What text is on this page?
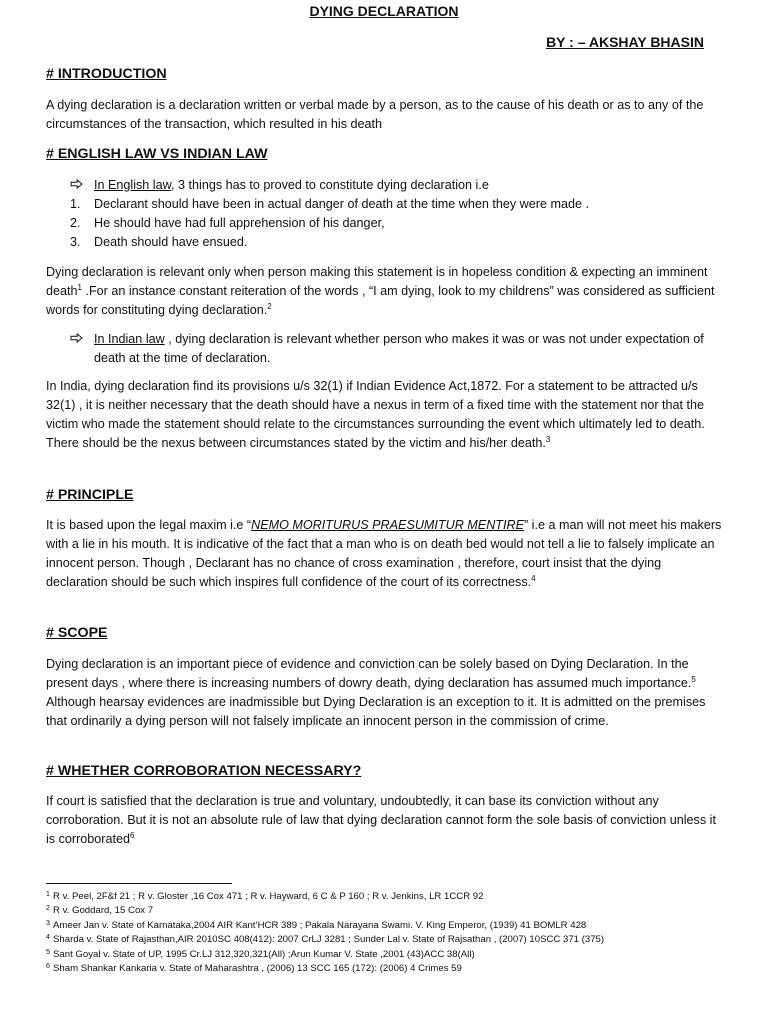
DYING DECLARATION
BY : – AKSHAY BHASIN
# INTRODUCTION
A dying declaration is a declaration written or verbal made by a person, as to the cause of his death or as to any of the circumstances of the transaction, which resulted in his death
# ENGLISH LAW VS INDIAN LAW
In English law, 3 things has to proved to constitute dying declaration i.e
1.	Declarant should have been in actual danger of death at the time when they were made .
2.	He should have had full apprehension of his danger,
3.	Death should have ensued.
Dying declaration is relevant only when person making this statement is in hopeless condition & expecting an imminent death$^1$ .For an instance constant reiteration of the words , “I am dying, look to my childrens” was considered as sufficient words for constituting dying declaration.$^2$
In Indian law , dying declaration is relevant whether person who makes it was or was not under expectation of death at the time of declaration.
In India, dying declaration find its provisions u/s 32(1) if Indian Evidence Act,1872. For a statement to be attracted u/s 32(1) , it is neither necessary that the death should have a nexus in term of a fixed time with the statement nor that the victim who made the statement should relate to the circumstances surrounding the event which ultimately led to death. There should be the nexus between circumstances stated by the victim and his/her death.$^3$
# PRINCIPLE
It is based upon the legal maxim i.e “NEMO MORITURUS PRAESUMITUR MENTIRE” i.e a man will not meet his makers with a lie in his mouth. It is indicative of the fact that a man who is on death bed would not tell a lie to falsely implicate an innocent person. Though , Declarant has no chance of cross examination , therefore, court insist that the dying declaration should be such which inspires full confidence of the court of its correctness.$^4$
# SCOPE
Dying declaration is an important piece of evidence and conviction can be solely based on Dying Declaration. In the present days , where there is increasing numbers of dowry death, dying declaration has assumed much importance.$^5$ Although hearsay evidences are inadmissible but Dying Declaration is an exception to it. It is admitted on the premises that ordinarily a dying person will not falsely implicate an innocent person in the commission of crime.
# WHETHER CORROBORATION NECESSARY?
If court is satisfied that the declaration is true and voluntary, undoubtedly, it can base its conviction without any corroboration. But it is not an absolute rule of law that dying declaration cannot form the sole basis of conviction unless it is corroborated$^6$
1 R v. Peel, 2F&f 21 ; R v. Gloster ,16 Cox 471 ; R v. Hayward, 6 C & P 160 ; R v. Jenkins, LR 1CCR 92
2 R v. Goddard, 15 Cox 7
3 Ameer Jan v. State of Karnataka,2004 AIR Kant’HCR 389 ; Pakala Narayana Swami. V. King Emperor, (1939) 41 BOMLR 428
4 Sharda v. State of Rajasthan,AIR 2010SC 408(412): 2007 CrLJ 3281 ; Sunder Lal v. State of Rajsathan , (2007) 10SCC 371 (375)
5 Sant Goyal v. State of UP, 1995 Cr.LJ 312,320,321(All) ;Arun Kumar V. State ,2001 (43)ACC 38(All)
6 Sham Shankar Kankaria v. State of Maharashtra , (2006) 13 SCC 165 (172): (2006) 4 Crimes 59
